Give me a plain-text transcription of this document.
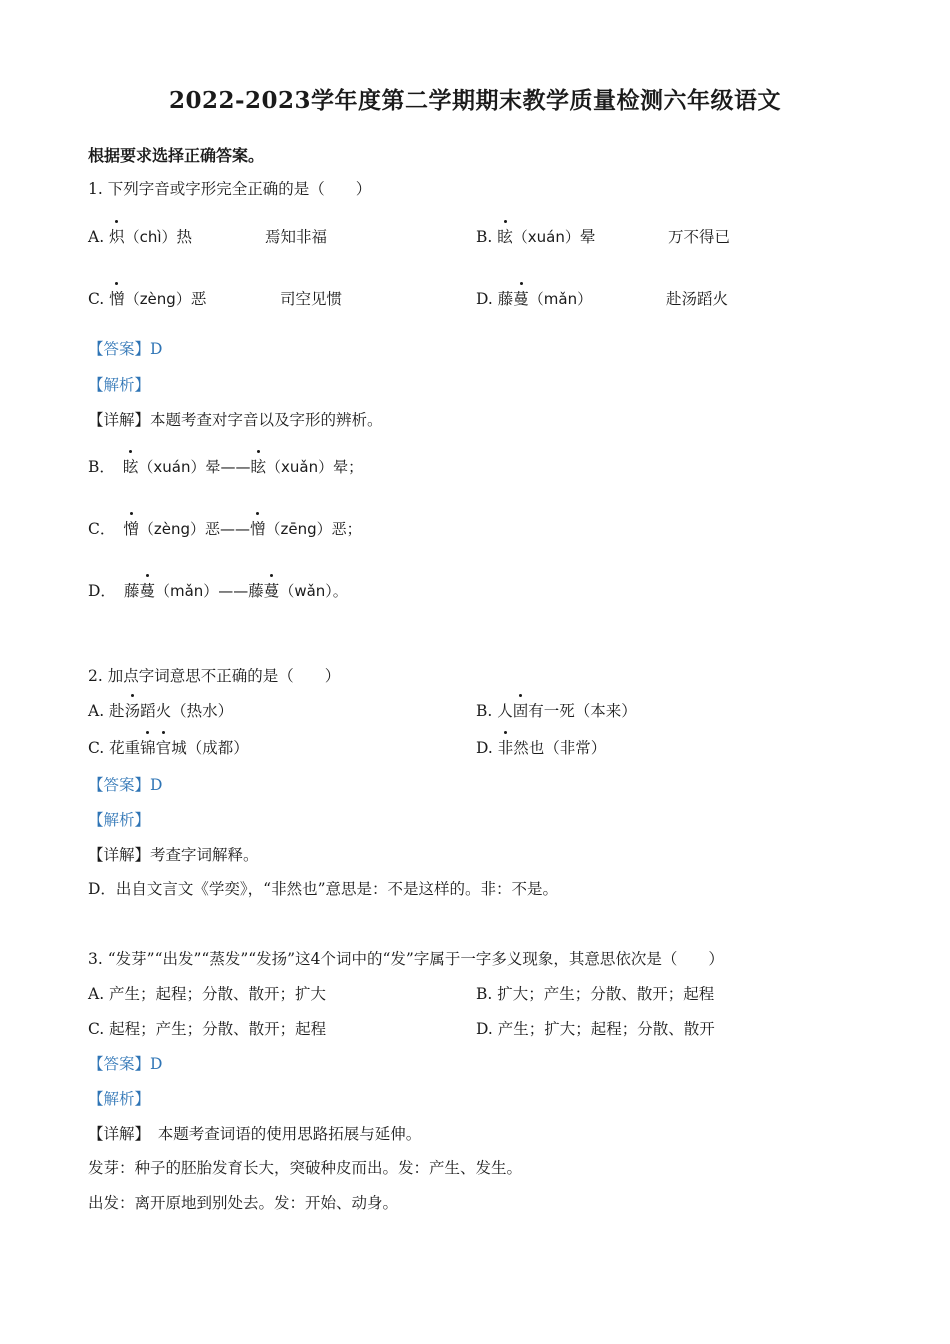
2022-2023学年度第二学期期末教学质量检测六年级语文
根据要求选择正确答案。
1. 下列字音或字形完全正确的是（　　）
A. 炽（chì）热	焉知非福	B. 眩（xuán）晕	万不得已
C. 憎（zèng）恶	司空见惯	D. 藤蔓（mǎn）	赴汤蹈火
【答案】D
【解析】
【详解】本题考查对字音以及字形的辨析。
B． 眩（xuán）晕——眩（xuǎn）晕；
C． 憎（zèng）恶——憎（zēng）恶；
D． 藤蔓（mǎn）——藤蔓（wǎn）。
2. 加点字词意思不正确的是（　　）
A. 赴汤蹈火（热水）	B. 人固有一死（本来）
C. 花重锦官城（成都）	D. 非然也（非常）
【答案】D
【解析】
【详解】考查字词解释。
D．出自文言文《学奕》，“非然也”意思是：不是这样的。非：不是。
3. “发芽”“出发”“蒸发”“发扬”这4个词中的“发”字属于一字多义现象，其意思依次是（　　）
A. 产生；起程；分散、散开；扩大	B. 扩大；产生；分散、散开；起程
C. 起程；产生；分散、散开；起程	D. 产生；扩大；起程；分散、散开
【答案】D
【解析】
【详解】　本题考查词语的使用思路拓展与延伸。
发芽：种子的胚胎发育长大，突破种皮而出。发：产生、发生。
出发：离开原地到别处去。发：开始、动身。
